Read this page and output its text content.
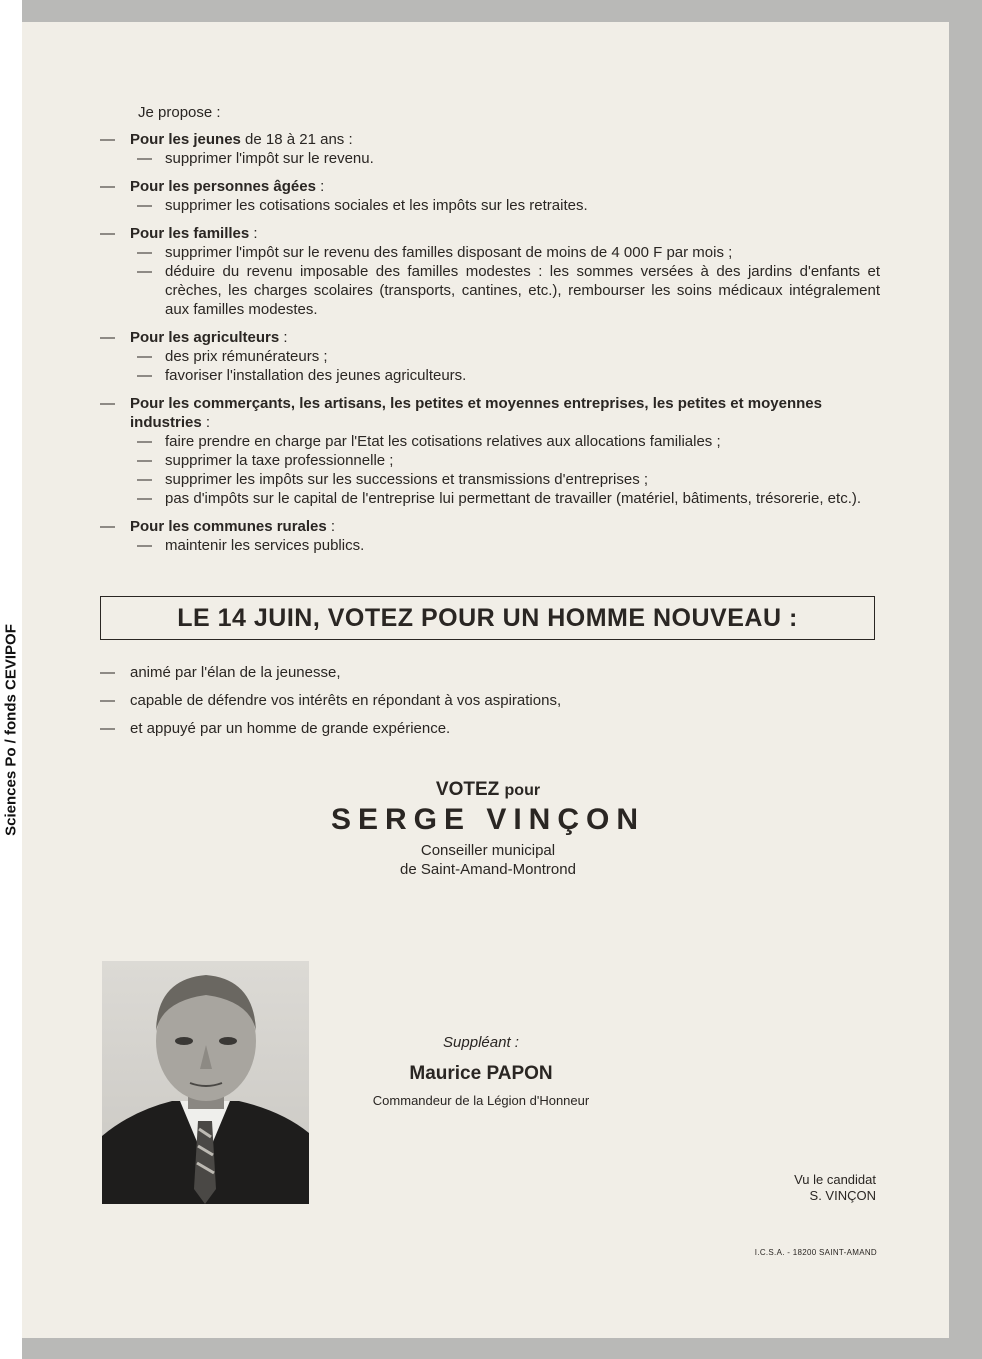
Sciences Po / fonds CEVIPOF
Je propose :
—	Pour les jeunes de 18 à 21 ans :
— supprimer l'impôt sur le revenu.
—	Pour les personnes âgées :
— supprimer les cotisations sociales et les impôts sur les retraites.
—	Pour les familles :
— supprimer l'impôt sur le revenu des familles disposant de moins de 4 000 F par mois ;
— déduire du revenu imposable des familles modestes : les sommes versées à des jardins d'enfants et crèches, les charges scolaires (transports, cantines, etc.), rembourser les soins médicaux intégralement aux familles modestes.
—	Pour les agriculteurs :
— des prix rémunérateurs ;
— favoriser l'installation des jeunes agriculteurs.
—	Pour les commerçants, les artisans, les petites et moyennes entreprises, les petites et moyennes industries :
— faire prendre en charge par l'Etat les cotisations relatives aux allocations familiales ;
— supprimer la taxe professionnelle ;
— supprimer les impôts sur les successions et transmissions d'entreprises ;
— pas d'impôts sur le capital de l'entreprise lui permettant de travailler (matériel, bâtiments, trésorerie, etc.).
—	Pour les communes rurales :
— maintenir les services publics.
LE 14 JUIN, VOTEZ POUR UN HOMME NOUVEAU :
—	animé par l'élan de la jeunesse,
—	capable de défendre vos intérêts en répondant à vos aspirations,
—	et appuyé par un homme de grande expérience.
VOTEZ pour
SERGE VINÇON
Conseiller municipal
de Saint-Amand-Montrond
Suppléant :
Maurice PAPON
Commandeur de la Légion d'Honneur
Vu le candidat
S. VINÇON
I.C.S.A. - 18200 SAINT-AMAND
